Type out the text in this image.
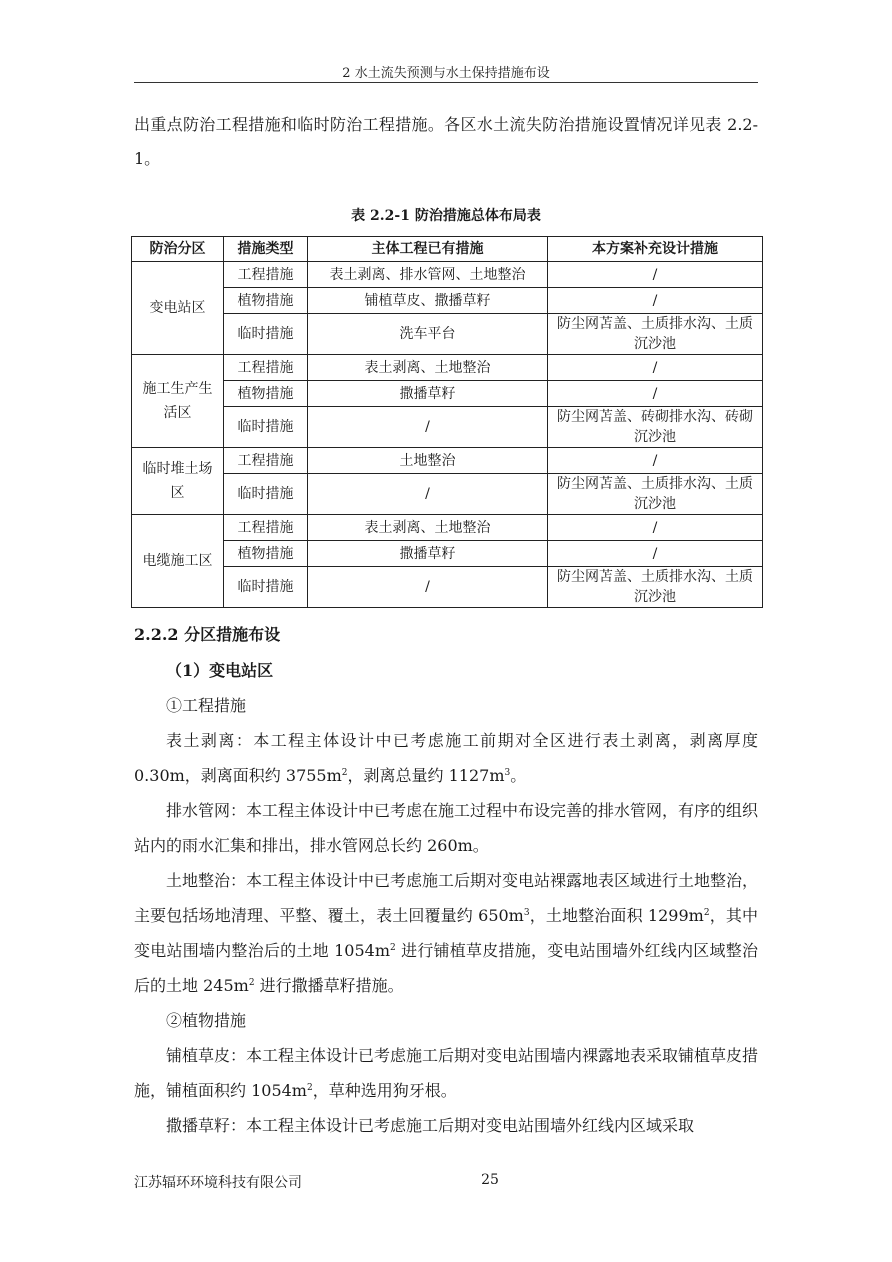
2 水土流失预测与水土保持措施布设
出重点防治工程措施和临时防治工程措施。各区水土流失防治措施设置情况详见表 2.2-1。
表 2.2-1 防治措施总体布局表
防治分区	措施类型	主体工程已有措施	本方案补充设计措施
变电站区	工程措施	表土剥离、排水管网、土地整治	/
	植物措施	铺植草皮、撒播草籽	/
	临时措施	洗车平台	防尘网苫盖、土质排水沟、土质沉沙池
施工生产生活区	工程措施	表土剥离、土地整治	/
	植物措施	撒播草籽	/
	临时措施	/	防尘网苫盖、砖砌排水沟、砖砌沉沙池
临时堆土场区	工程措施	土地整治	/
	临时措施	/	防尘网苫盖、土质排水沟、土质沉沙池
电缆施工区	工程措施	表土剥离、土地整治	/
	植物措施	撒播草籽	/
	临时措施	/	防尘网苫盖、土质排水沟、土质沉沙池

2.2.2 分区措施布设

（1）变电站区

①工程措施

表土剥离：本工程主体设计中已考虑施工前期对全区进行表土剥离，剥离厚度 0.30m，剥离面积约 $3755m^2$，剥离总量约 $1127m^3$。

排水管网：本工程主体设计中已考虑在施工过程中布设完善的排水管网，有序的组织站内的雨水汇集和排出，排水管网总长约 260m。

土地整治：本工程主体设计中已考虑施工后期对变电站裸露地表区域进行土地整治，主要包括场地清理、平整、覆土，表土回覆量约 $650m^3$，土地整治面积 $1299m^2$，其中变电站围墙内整治后的土地 $1054m^2$ 进行铺植草皮措施，变电站围墙外红线内区域整治后的土地 $245m^2$ 进行撒播草籽措施。

②植物措施

铺植草皮：本工程主体设计已考虑施工后期对变电站围墙内裸露地表采取铺植草皮措施，铺植面积约 $1054m^2$，草种选用狗牙根。

撒播草籽：本工程主体设计已考虑施工后期对变电站围墙外红线内区域采取

江苏辐环环境科技有限公司	25
